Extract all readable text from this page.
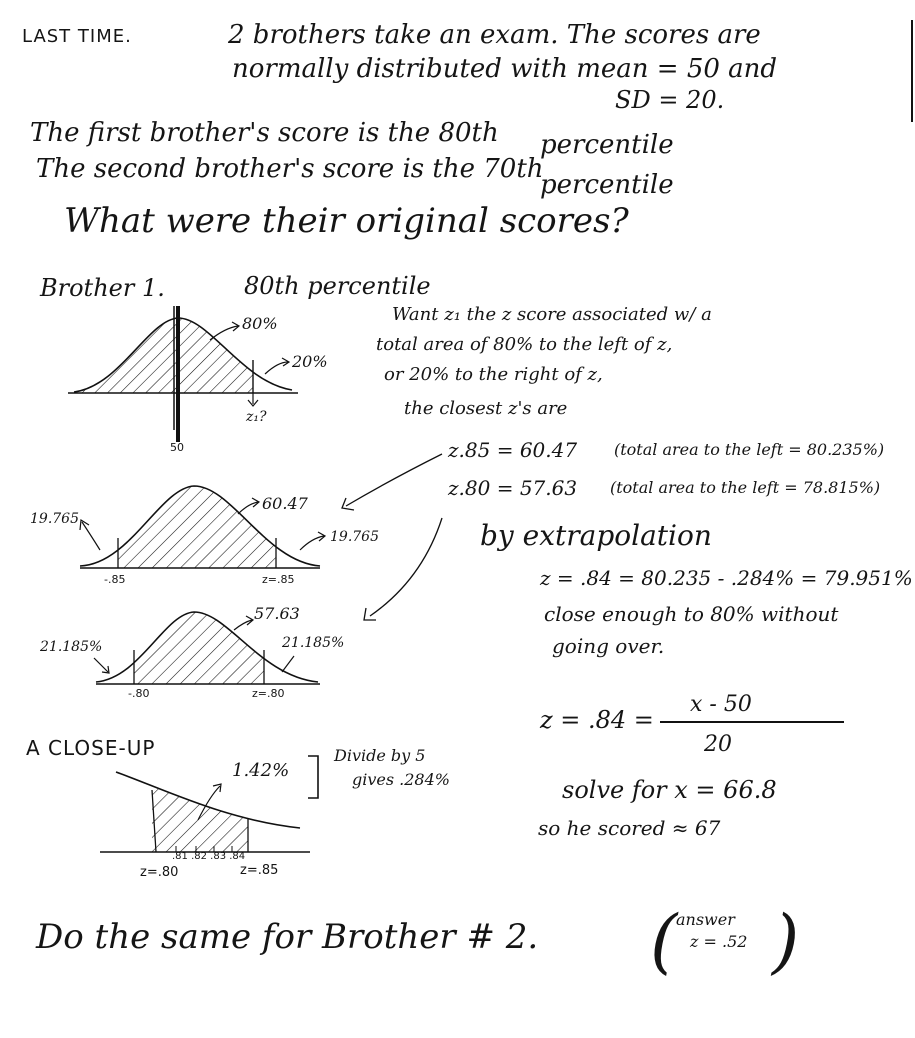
LAST TIME.	2 brothers take an exam. The scores are
normally distributed with mean = 50 and
SD = 20.
The first brother's score is the 80th percentile
The second brother's score is the 70th
percentile
What were their original scores?
Brother 1.	80th percentile
80%
20%
z₁?
50
Want z₁ the z score associated w/ a
total area of 80% to the left of z,
or 20% to the right of z,
the closest z's are
z.85 = 60.47 (total area to the left = 80.235%)
z.80 = 57.63 (total area to the left = 78.815%)
60.47
19.765
19.765
-.85	z=.85
57.63
21.185%	21.185%
-.80	z=.80
by extrapolation
z = .84 = 80.235 - .284% = 79.951%
close enough to 80% without
going over.
z = .84 =
x - 50
20
solve for x = 66.8
so he scored ≈ 67
A CLOSE-UP
1.42%
Divide by 5
gives .284%
.81 .82 .83 .84
z=.80	z=.85
Do the same for Brother # 2. (
answer
z = .52 )
